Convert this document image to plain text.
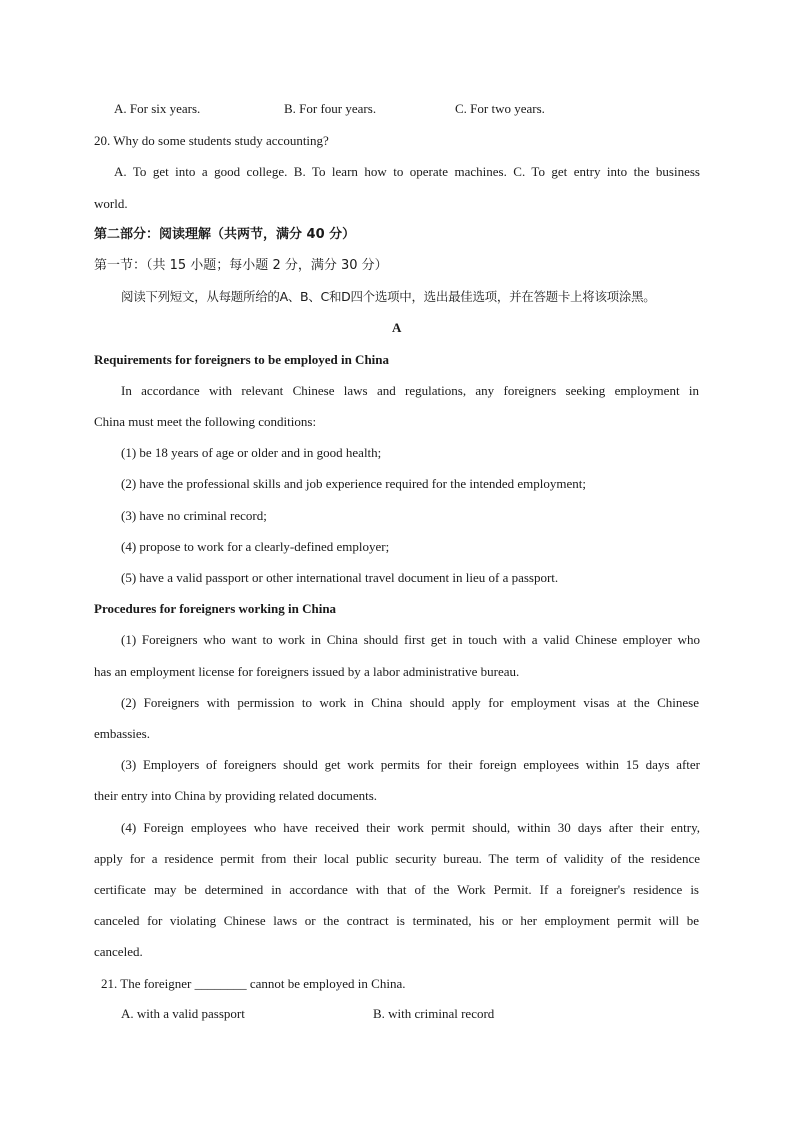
A. For six years.	B. For four years.	C. For two years.
20. Why do some students study accounting?
A. To get into a good college. B. To learn how to operate machines. C. To get entry into the business
world.
第二部分：阅读理解（共两节，满分 40 分）
第一节：（共 15 小题；每小题 2 分，满分 30 分）
阅读下列短文，从每题所给的A、B、C和D四个选项中，选出最佳选项，并在答题卡上将该项涂黑。
A
Requirements for foreigners to be employed in China
In accordance with relevant Chinese laws and regulations, any foreigners seeking employment in
China must meet the following conditions:
(1) be 18 years of age or older and in good health;
(2) have the professional skills and job experience required for the intended employment;
(3) have no criminal record;
(4) propose to work for a clearly-defined employer;
(5) have a valid passport or other international travel document in lieu of a passport.
Procedures for foreigners working in China
(1) Foreigners who want to work in China should first get in touch with a valid Chinese employer who
has an employment license for foreigners issued by a labor administrative bureau.
(2) Foreigners with permission to work in China should apply for employment visas at the Chinese
embassies.
(3) Employers of foreigners should get work permits for their foreign employees within 15 days after
their entry into China by providing related documents.
(4) Foreign employees who have received their work permit should, within 30 days after their entry,
apply for a residence permit from their local public security bureau. The term of validity of the residence
certificate may be determined in accordance with that of the Work Permit. If a foreigner's residence is
canceled for violating Chinese laws or the contract is terminated, his or her employment permit will be
canceled.
21. The foreigner ________ cannot be employed in China.
A. with a valid passport	B. with criminal record
